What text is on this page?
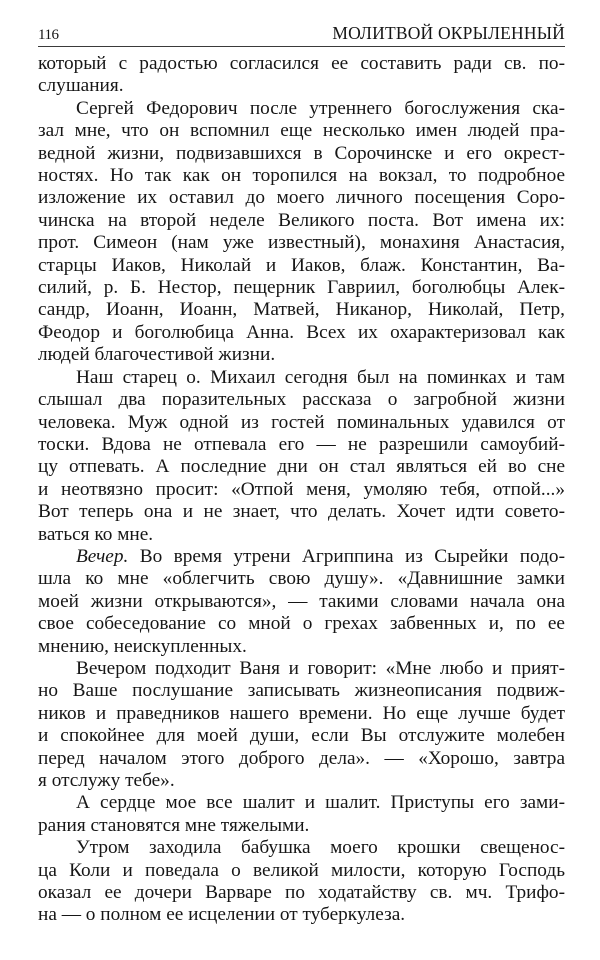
116	МОЛИТВОЙ ОКРЫЛЕННЫЙ

который с радостью согласился ее составить ради св. по-
слушания.

Сергей Федорович после утреннего богослужения ска-
зал мне, что он вспомнил еще несколько имен людей пра-
ведной жизни, подвизавшихся в Сорочинске и его окрест-
ностях. Но так как он торопился на вокзал, то подробное
изложение их оставил до моего личного посещения Соро-
чинска на второй неделе Великого поста. Вот имена их:
прот. Симеон (нам уже известный), монахиня Анастасия,
старцы Иаков, Николай и Иаков, блаж. Константин, Ва-
силий, р. Б. Нестор, пещерник Гавриил, боголюбцы Алек-
сандр, Иоанн, Иоанн, Матвей, Никанор, Николай, Петр,
Феодор и боголюбица Анна. Всех их охарактеризовал как
людей благочестивой жизни.

Наш старец о. Михаил сегодня был на поминках и там
слышал два поразительных рассказа о загробной жизни
человека. Муж одной из гостей поминальных удавился от
тоски. Вдова не отпевала его — не разрешили самоубий-
цу отпевать. А последние дни он стал являться ей во сне
и неотвязно просит: «Отпой меня, умоляю тебя, отпой...»
Вот теперь она и не знает, что делать. Хочет идти советo-
ваться ко мне.

Вечер. Во время утрени Агриппина из Сырейки подо-
шла ко мне «облегчить свою душу». «Давнишние замки
моей жизни открываются», — такими словами начала она
свое собеседование со мной о грехах забвенных и, по ее
мнению, неискупленных.

Вечером подходит Ваня и говорит: «Мне любо и прият-
но Ваше послушание записывать жизнеописания подвиж-
ников и праведников нашего времени. Но еще лучше будет
и спокойнее для моей души, если Вы отслужите молебен
перед началом этого доброго дела». — «Хорошо, завтра
я отслужу тебе».

А сердце мое все шалит и шалит. Приступы его зами-
рания становятся мне тяжелыми.

Утром заходила бабушка моего крошки свещенос-
ца Коли и поведала о великой милости, которую Господь
оказал ее дочери Варваре по ходатайству св. мч. Трифо-
на — о полном ее исцелении от туберкулеза.
